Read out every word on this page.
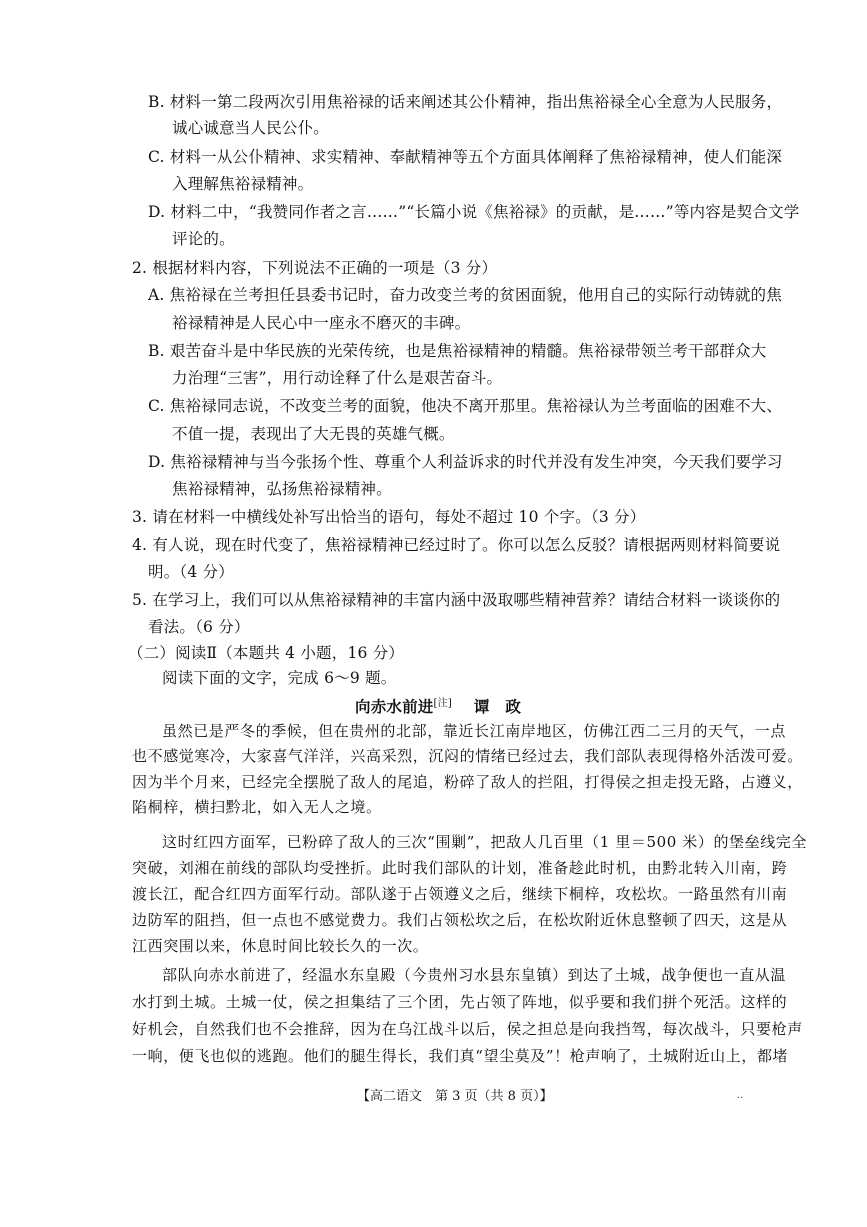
B. 材料一第二段两次引用焦裕禄的话来阐述其公仆精神，指出焦裕禄全心全意为人民服务，
诚心诚意当人民公仆。
C. 材料一从公仆精神、求实精神、奉献精神等五个方面具体阐释了焦裕禄精神，使人们能深
入理解焦裕禄精神。
D. 材料二中，“我赞同作者之言……”“长篇小说《焦裕禄》的贡献，是……”等内容是契合文学
评论的。
2. 根据材料内容，下列说法不正确的一项是（3 分）
A. 焦裕禄在兰考担任县委书记时，奋力改变兰考的贫困面貌，他用自己的实际行动铸就的焦
裕禄精神是人民心中一座永不磨灭的丰碑。
B. 艰苦奋斗是中华民族的光荣传统，也是焦裕禄精神的精髓。焦裕禄带领兰考干部群众大
力治理“三害”，用行动诠释了什么是艰苦奋斗。
C. 焦裕禄同志说，不改变兰考的面貌，他决不离开那里。焦裕禄认为兰考面临的困难不大、
不值一提，表现出了大无畏的英雄气概。
D. 焦裕禄精神与当今张扬个性、尊重个人利益诉求的时代并没有发生冲突，今天我们要学习
焦裕禄精神，弘扬焦裕禄精神。
3. 请在材料一中横线处补写出恰当的语句，每处不超过 10 个字。（3 分）
4. 有人说，现在时代变了，焦裕禄精神已经过时了。你可以怎么反驳？请根据两则材料简要说
明。（4 分）
5. 在学习上，我们可以从焦裕禄精神的丰富内涵中汲取哪些精神营养？请结合材料一谈谈你的
看法。（6 分）
（二）阅读Ⅱ（本题共 4 小题，16 分）
阅读下面的文字，完成 6～9 题。
向赤水前进[注] 谭　政
虽然已是严冬的季候，但在贵州的北部，靠近长江南岸地区，仿佛江西二三月的天气，一点
也不感觉寒冷，大家喜气洋洋，兴高采烈，沉闷的情绪已经过去，我们部队表现得格外活泼可爱。
因为半个月来，已经完全摆脱了敌人的尾追，粉碎了敌人的拦阻，打得侯之担走投无路，占遵义，
陷桐梓，横扫黔北，如入无人之境。
这时红四方面军，已粉碎了敌人的三次“围剿”，把敌人几百里（1 里＝500 米）的堡垒线完全
突破，刘湘在前线的部队均受挫折。此时我们部队的计划，准备趁此时机，由黔北转入川南，跨
渡长江，配合红四方面军行动。部队遂于占领遵义之后，继续下桐梓，攻松坎。一路虽然有川南
边防军的阻挡，但一点也不感觉费力。我们占领松坎之后，在松坎附近休息整顿了四天，这是从
江西突围以来，休息时间比较长久的一次。
部队向赤水前进了，经温水东皇殿（今贵州习水县东皇镇）到达了土城，战争便也一直从温
水打到土城。土城一仗，侯之担集结了三个团，先占领了阵地，似乎要和我们拼个死活。这样的
好机会，自然我们也不会推辞，因为在乌江战斗以后，侯之担总是向我挡驾，每次战斗，只要枪声
一响，便飞也似的逃跑。他们的腿生得长，我们真“望尘莫及”！枪声响了，土城附近山上，都堵
【高二语文　第 3 页（共 8 页）】	··
